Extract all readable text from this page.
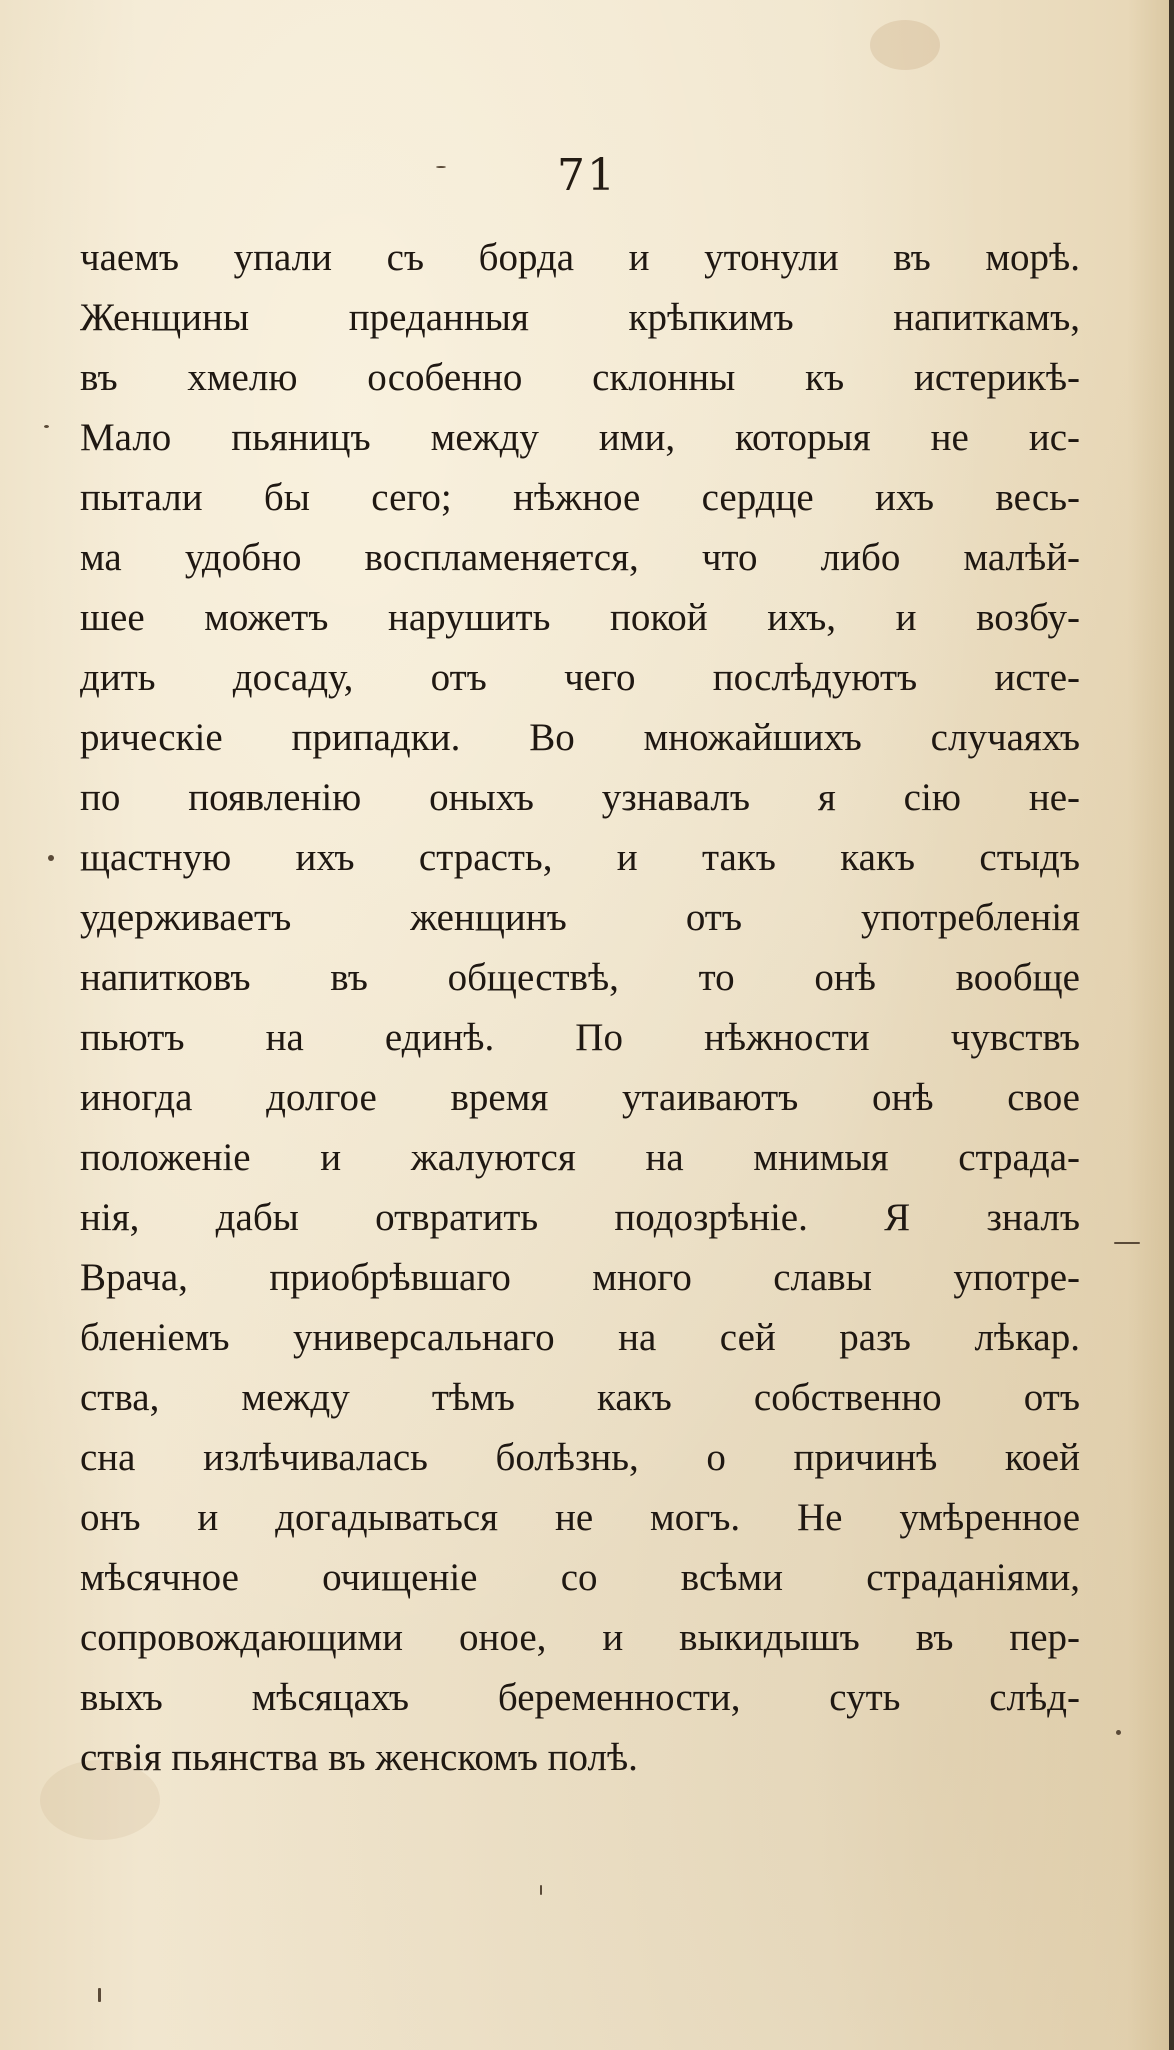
71
чаемъ упали съ борда и утонули въ морѣ.
Женщины преданныя крѣпкимъ напиткамъ,
въ хмелю особенно склонны къ истерикѣ-
Мало пьяницъ между ими, которыя не ис-
пытали бы сего; нѣжное сердце ихъ весь-
ма удобно воспламеняется, что либо малѣй-
шее можетъ нарушить покой ихъ, и возбу-
дить досаду, отъ чего послѣдуютъ исте-
рическіе припадки. Во множайшихъ случаяхъ
по появленію оныхъ узнавалъ я сію не-
щастную ихъ страсть, и такъ какъ стыдъ
удерживаетъ женщинъ отъ употребленія
напитковъ въ обществѣ, то онѣ вообще
пьютъ на единѣ. По нѣжности чувствъ
иногда долгое время утаиваютъ онѣ свое
положеніе и жалуются на мнимыя страда-
нія, дабы отвратить подозрѣніе. Я зналъ
Врача, приобрѣвшаго много славы употре-
бленіемъ универсальнаго на сей разъ лѣкар.
ства, между тѣмъ какъ собственно отъ
сна излѣчивалась болѣзнь, о причинѣ коей
онъ и догадываться не могъ. Не умѣренное
мѣсячное очищеніе со всѣми страданіями,
сопровождающими оное, и выкидышъ въ пер-
выхъ мѣсяцахъ беременности, суть слѣд-
ствія пьянства въ женскомъ полѣ.
